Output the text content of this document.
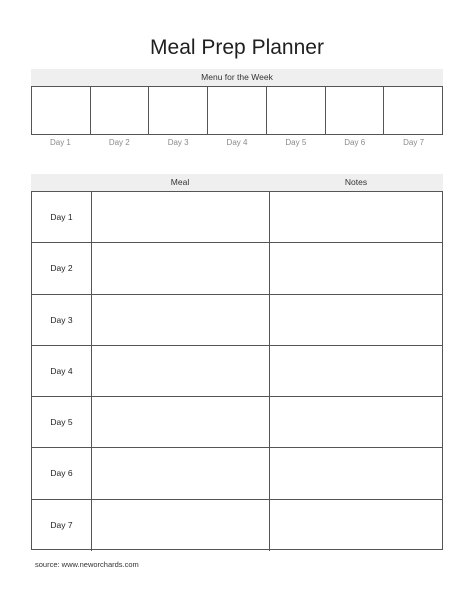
Meal Prep Planner
Menu for the Week
Day 1	Day 2	Day 3	Day 4	Day 5	Day 6	Day 7
Meal	Notes
Day 1
Day 2
Day 3
Day 4
Day 5
Day 6
Day 7
source: www.neworchards.com
